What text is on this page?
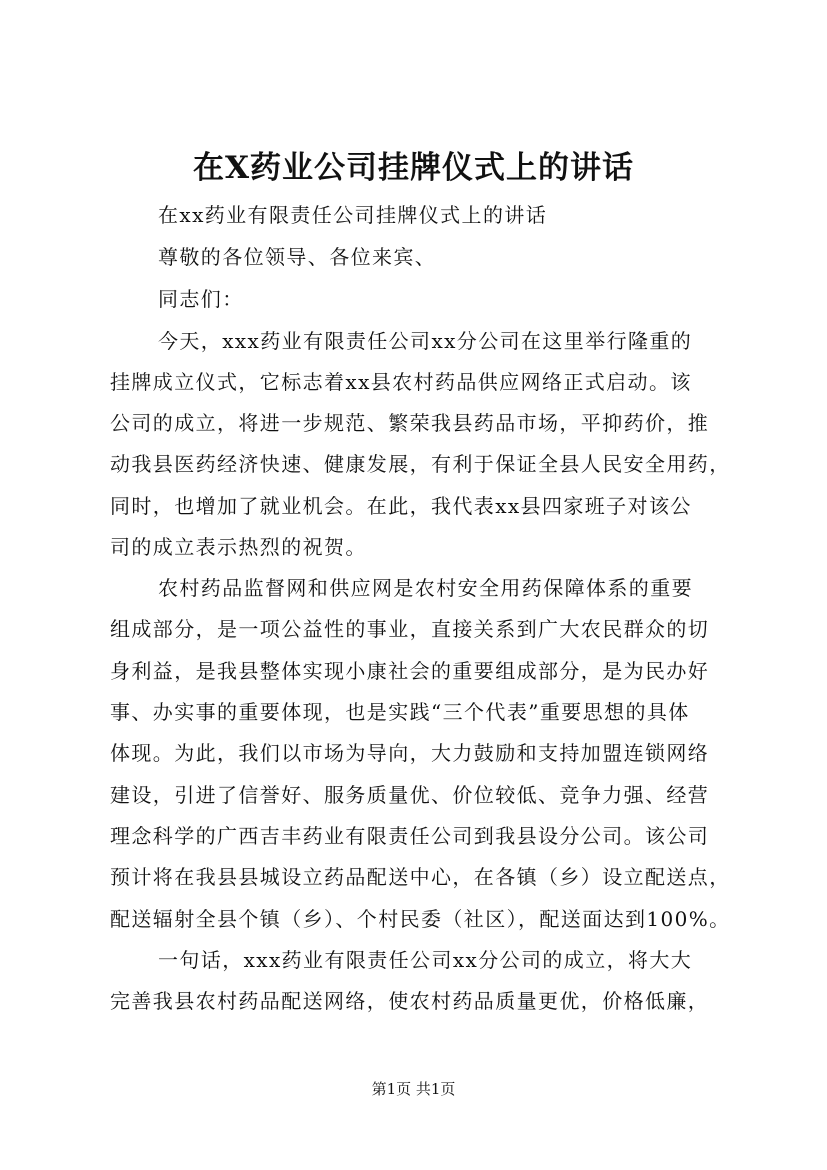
在X药业公司挂牌仪式上的讲话
在xx药业有限责任公司挂牌仪式上的讲话
尊敬的各位领导、各位来宾、
同志们：
今天，xxx药业有限责任公司xx分公司在这里举行隆重的
挂牌成立仪式，它标志着xx县农村药品供应网络正式启动。该
公司的成立，将进一步规范、繁荣我县药品市场，平抑药价，推
动我县医药经济快速、健康发展，有利于保证全县人民安全用药，
同时，也增加了就业机会。在此，我代表xx县四家班子对该公
司的成立表示热烈的祝贺。
农村药品监督网和供应网是农村安全用药保障体系的重要
组成部分，是一项公益性的事业，直接关系到广大农民群众的切
身利益，是我县整体实现小康社会的重要组成部分，是为民办好
事、办实事的重要体现，也是实践“三个代表”重要思想的具体
体现。为此，我们以市场为导向，大力鼓励和支持加盟连锁网络
建设，引进了信誉好、服务质量优、价位较低、竞争力强、经营
理念科学的广西吉丰药业有限责任公司到我县设分公司。该公司
预计将在我县县城设立药品配送中心，在各镇（乡）设立配送点，
配送辐射全县个镇（乡）、个村民委（社区），配送面达到100%。
一句话，xxx药业有限责任公司xx分公司的成立，将大大
完善我县农村药品配送网络，使农村药品质量更优，价格低廉，
第1页 共1页
